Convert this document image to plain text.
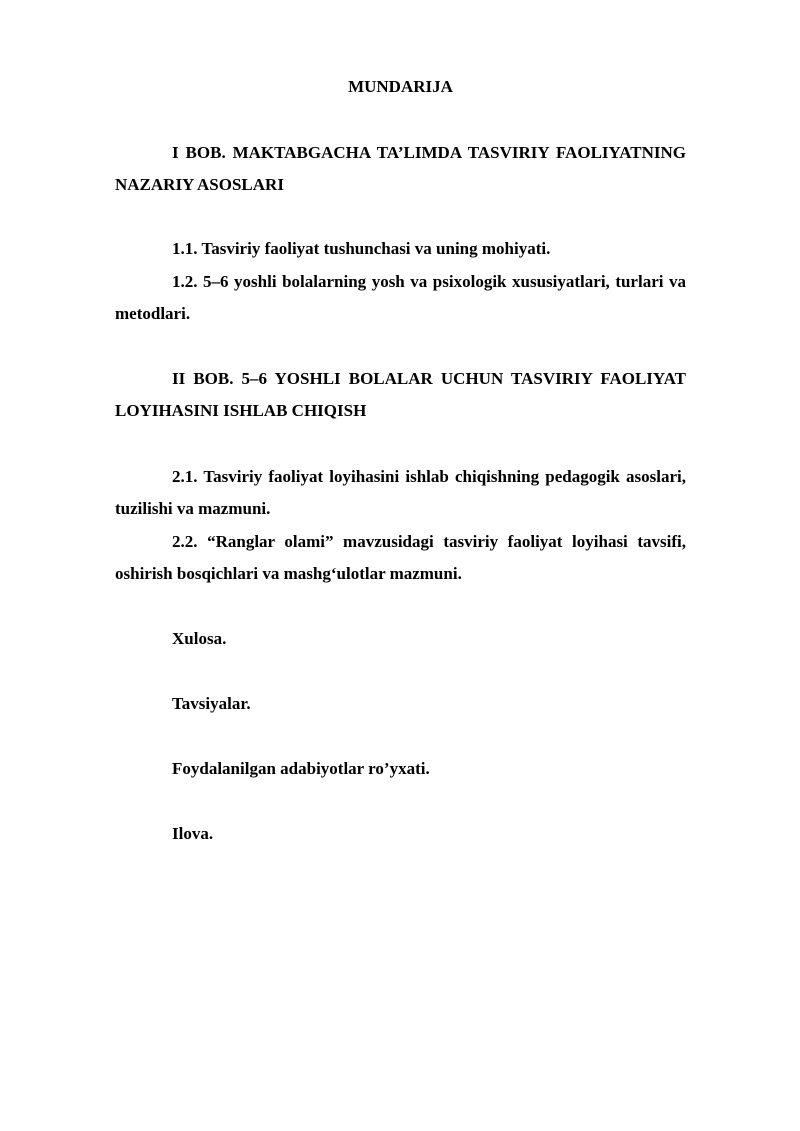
MUNDARIJA

I BOB. MAKTABGACHA TA’LIMDA TASVIRIY FAOLIYATNING NAZARIY ASOSLARI

1.1. Tasviriy faoliyat tushunchasi va uning mohiyati.

1.2. 5–6 yoshli bolalarning yosh va psixologik xususiyatlari, turlari va metodlari.

II BOB. 5–6 YOSHLI BOLALAR UCHUN TASVIRIY FAOLIYAT LOYIHASINI ISHLAB CHIQISH

2.1. Tasviriy faoliyat loyihasini ishlab chiqishning pedagogik asoslari, tuzilishi va mazmuni.

2.2. “Ranglar olami” mavzusidagi tasviriy faoliyat loyihasi tavsifi, oshirish bosqichlari va mashg‘ulotlar mazmuni.

Xulosa.
Tavsiyalar.
Foydalanilgan adabiyotlar ro’yxati.
Ilova.
